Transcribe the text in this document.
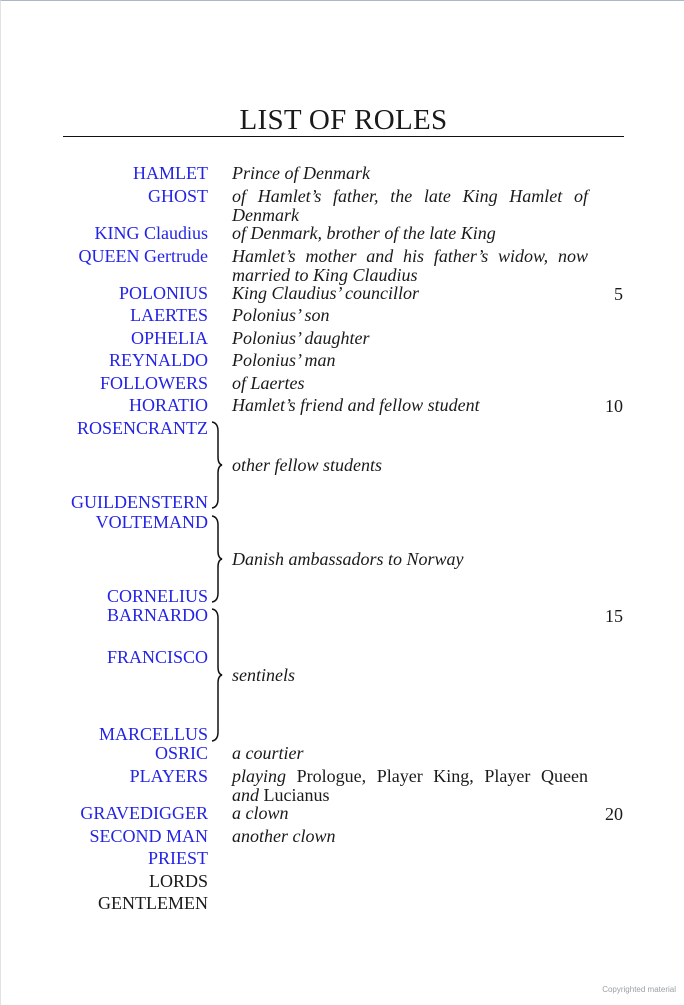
LIST OF ROLES
HAMLET
GHOST
KING Claudius
QUEEN Gertrude
POLONIUS
LAERTES
OPHELIA
REYNALDO
FOLLOWERS
HORATIO
ROSENCRANTZ
GUILDENSTERN
VOLTEMAND
CORNELIUS
BARNARDO
FRANCISCO
MARCELLUS
OSRIC
PLAYERS
GRAVEDIGGER
SECOND MAN
PRIEST
LORDS
GENTLEMEN
Prince of Denmark
of Hamlet’s father, the late King Hamlet of Denmark
of Denmark, brother of the late King
Hamlet’s mother and his father’s widow, now married to King Claudius
King Claudius’ councillor
Polonius’ son
Polonius’ daughter
Polonius’ man
of Laertes
Hamlet’s friend and fellow student
other fellow students
Danish ambassadors to Norway
sentinels
a courtier
playing Prologue, Player King, Player Queen and Lucianus
a clown
another clown
5
10
15
20
Copyrighted material
